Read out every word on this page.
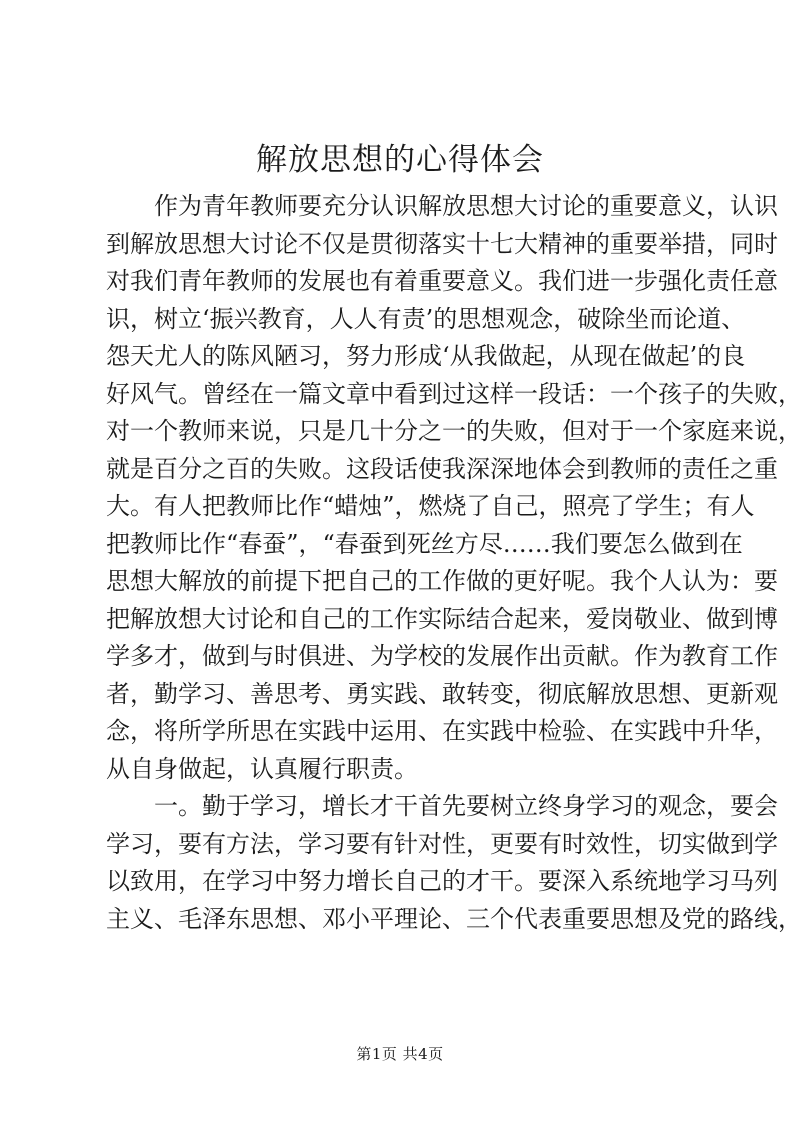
解放思想的心得体会
作为青年教师要充分认识解放思想大讨论的重要意义，认识
到解放思想大讨论不仅是贯彻落实十七大精神的重要举措，同时
对我们青年教师的发展也有着重要意义。我们进一步强化责任意
识，树立‘振兴教育，人人有责’的思想观念，破除坐而论道、
怨天尤人的陈风陋习，努力形成‘从我做起，从现在做起’的良
好风气。曾经在一篇文章中看到过这样一段话：一个孩子的失败，
对一个教师来说，只是几十分之一的失败，但对于一个家庭来说，
就是百分之百的失败。这段话使我深深地体会到教师的责任之重
大。有人把教师比作“蜡烛”，燃烧了自己，照亮了学生；有人
把教师比作“春蚕”，“春蚕到死丝方尽……我们要怎么做到在
思想大解放的前提下把自己的工作做的更好呢。我个人认为：要
把解放想大讨论和自己的工作实际结合起来，爱岗敬业、做到博
学多才，做到与时俱进、为学校的发展作出贡献。作为教育工作
者，勤学习、善思考、勇实践、敢转变，彻底解放思想、更新观
念，将所学所思在实践中运用、在实践中检验、在实践中升华，
从自身做起，认真履行职责。
一。勤于学习，增长才干首先要树立终身学习的观念，要会
学习，要有方法，学习要有针对性，更要有时效性，切实做到学
以致用，在学习中努力增长自己的才干。要深入系统地学习马列
主义、毛泽东思想、邓小平理论、三个代表重要思想及党的路线，
第1页 共4页
